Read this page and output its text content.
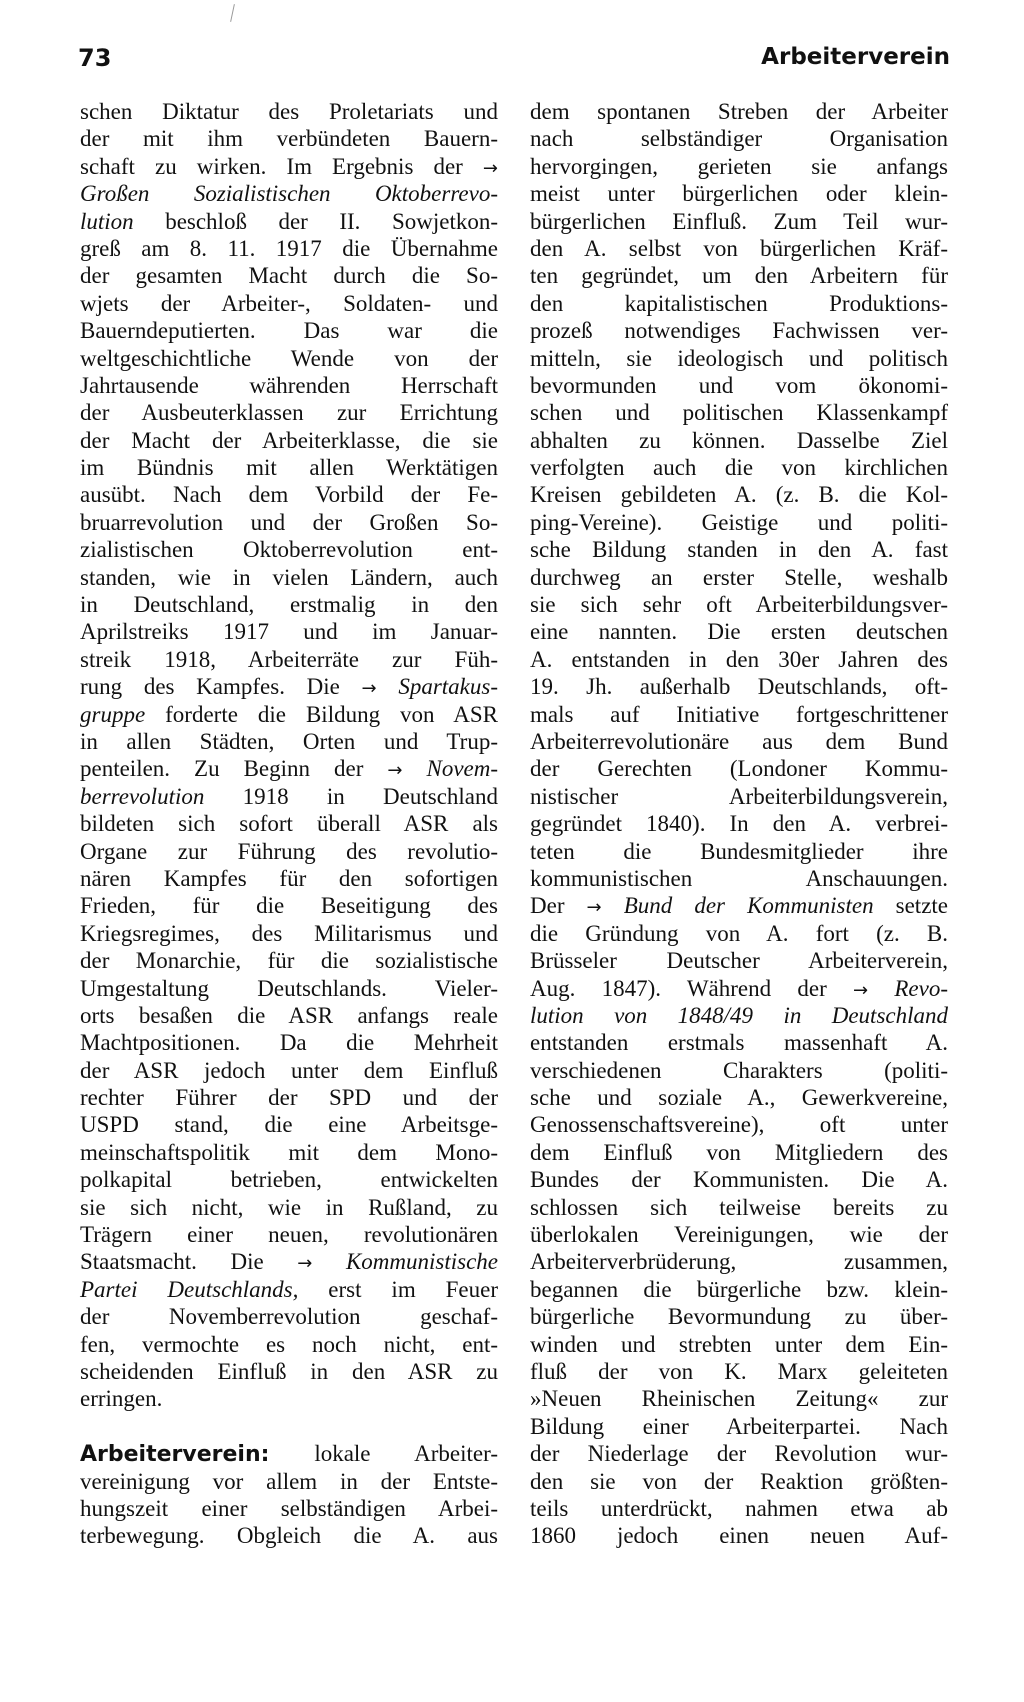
73	Arbeiterverein
schen Diktatur des Proletariats und
der mit ihm verbündeten Bauern-
schaft zu wirken. Im Ergebnis der →
Großen Sozialistischen Oktoberrevo-
lution beschloß der II. Sowjetkon-
greß am 8. 11. 1917 die Übernahme
der gesamten Macht durch die So-
wjets der Arbeiter-, Soldaten- und
Bauerndeputierten. Das war die
weltgeschichtliche Wende von der
Jahrtausende währenden Herrschaft
der Ausbeuterklassen zur Errichtung
der Macht der Arbeiterklasse, die sie
im Bündnis mit allen Werktätigen
ausübt. Nach dem Vorbild der Fe-
bruarrevolution und der Großen So-
zialistischen Oktoberrevolution ent-
standen, wie in vielen Ländern, auch
in Deutschland, erstmalig in den
Aprilstreiks 1917 und im Januar-
streik 1918, Arbeiterräte zur Füh-
rung des Kampfes. Die → Spartakus-
gruppe forderte die Bildung von ASR
in allen Städten, Orten und Trup-
penteilen. Zu Beginn der → Novem-
berrevolution 1918 in Deutschland
bildeten sich sofort überall ASR als
Organe zur Führung des revolutio-
nären Kampfes für den sofortigen
Frieden, für die Beseitigung des
Kriegsregimes, des Militarismus und
der Monarchie, für die sozialistische
Umgestaltung Deutschlands. Vieler-
orts besaßen die ASR anfangs reale
Machtpositionen. Da die Mehrheit
der ASR jedoch unter dem Einfluß
rechter Führer der SPD und der
USPD stand, die eine Arbeitsge-
meinschaftspolitik mit dem Mono-
polkapital betrieben, entwickelten
sie sich nicht, wie in Rußland, zu
Trägern einer neuen, revolutionären
Staatsmacht. Die → Kommunistische
Partei Deutschlands, erst im Feuer
der Novemberrevolution geschaf-
fen, vermochte es noch nicht, ent-
scheidenden Einfluß in den ASR zu
erringen.
Arbeiterverein: lokale Arbeiter-
vereinigung vor allem in der Entste-
hungszeit einer selbständigen Arbei-
terbewegung. Obgleich die A. aus
dem spontanen Streben der Arbeiter
nach selbständiger Organisation
hervorgingen, gerieten sie anfangs
meist unter bürgerlichen oder klein-
bürgerlichen Einfluß. Zum Teil wur-
den A. selbst von bürgerlichen Kräf-
ten gegründet, um den Arbeitern für
den kapitalistischen Produktions-
prozeß notwendiges Fachwissen ver-
mitteln, sie ideologisch und politisch
bevormunden und vom ökonomi-
schen und politischen Klassenkampf
abhalten zu können. Dasselbe Ziel
verfolgten auch die von kirchlichen
Kreisen gebildeten A. (z. B. die Kol-
ping-Vereine). Geistige und politi-
sche Bildung standen in den A. fast
durchweg an erster Stelle, weshalb
sie sich sehr oft Arbeiterbildungsver-
eine nannten. Die ersten deutschen
A. entstanden in den 30er Jahren des
19. Jh. außerhalb Deutschlands, oft-
mals auf Initiative fortgeschrittener
Arbeiterrevolutionäre aus dem Bund
der Gerechten (Londoner Kommu-
nistischer Arbeiterbildungsverein,
gegründet 1840). In den A. verbrei-
teten die Bundesmitglieder ihre
kommunistischen Anschauungen.
Der → Bund der Kommunisten setzte
die Gründung von A. fort (z. B.
Brüsseler Deutscher Arbeiterverein,
Aug. 1847). Während der → Revo-
lution von 1848/49 in Deutschland
entstanden erstmals massenhaft A.
verschiedenen Charakters (politi-
sche und soziale A., Gewerkvereine,
Genossenschaftsvereine), oft unter
dem Einfluß von Mitgliedern des
Bundes der Kommunisten. Die A.
schlossen sich teilweise bereits zu
überlokalen Vereinigungen, wie der
Arbeiterverbrüderung, zusammen,
begannen die bürgerliche bzw. klein-
bürgerliche Bevormundung zu über-
winden und strebten unter dem Ein-
fluß der von K. Marx geleiteten
»Neuen Rheinischen Zeitung« zur
Bildung einer Arbeiterpartei. Nach
der Niederlage der Revolution wur-
den sie von der Reaktion größten-
teils unterdrückt, nahmen etwa ab
1860 jedoch einen neuen Auf-
